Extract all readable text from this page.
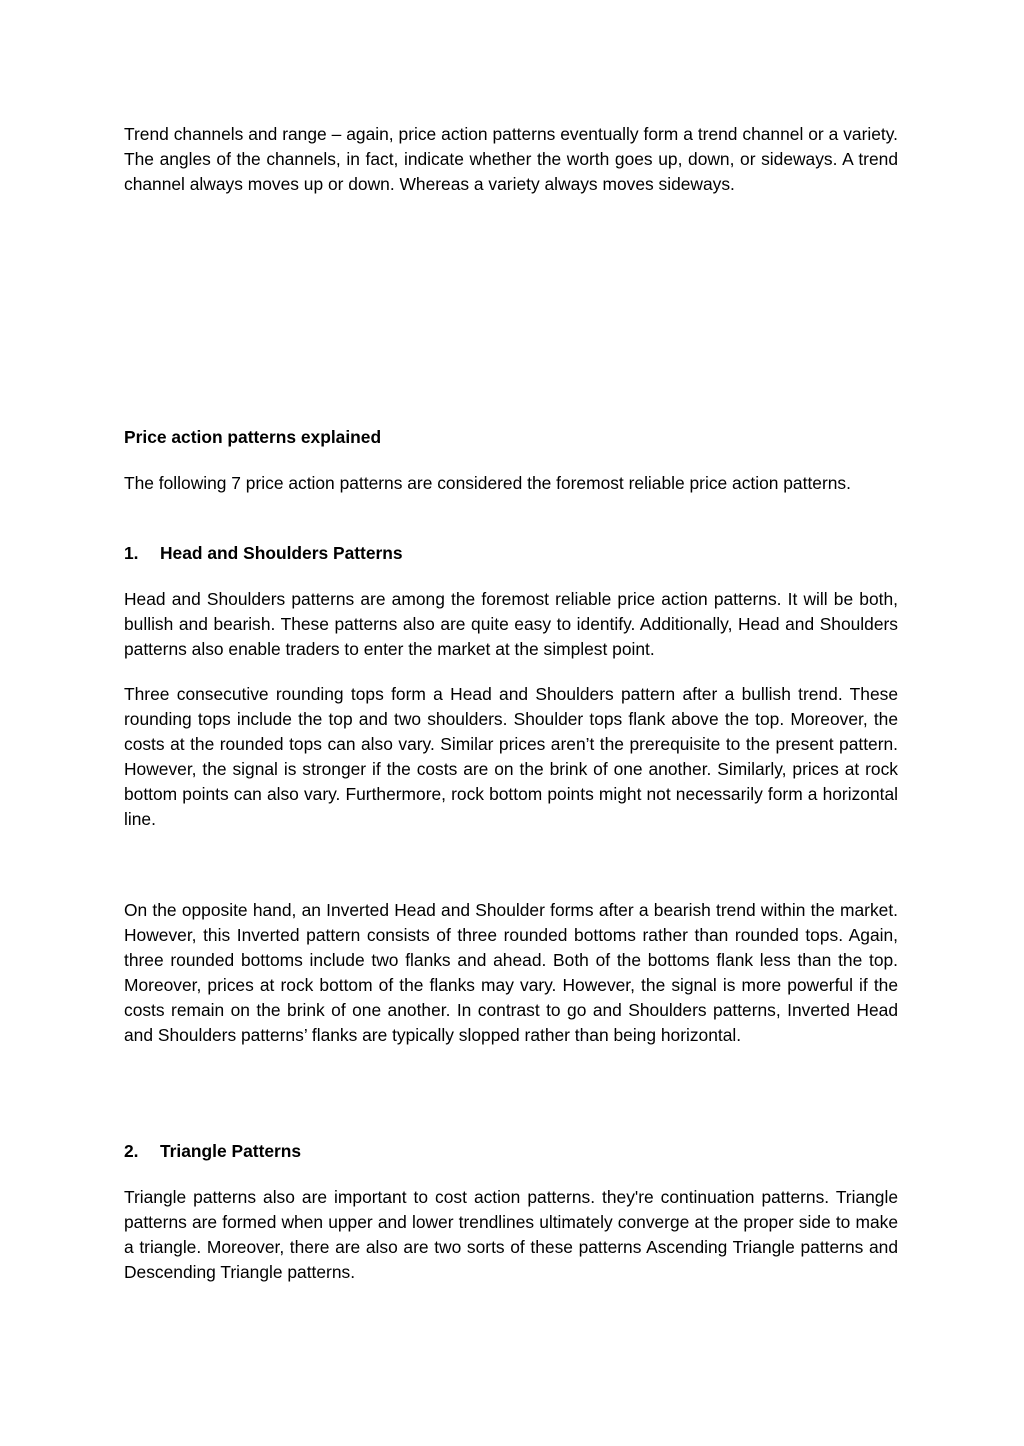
Trend channels and range – again, price action patterns eventually form a trend channel or a variety. The angles of the channels, in fact, indicate whether the worth goes up, down, or sideways. A trend channel always moves up or down. Whereas a variety always moves sideways.

Price action patterns explained

The following 7 price action patterns are considered the foremost reliable price action patterns.

1. Head and Shoulders Patterns

Head and Shoulders patterns are among the foremost reliable price action patterns. It will be both, bullish and bearish. These patterns also are quite easy to identify. Additionally, Head and Shoulders patterns also enable traders to enter the market at the simplest point.

Three consecutive rounding tops form a Head and Shoulders pattern after a bullish trend. These rounding tops include the top and two shoulders. Shoulder tops flank above the top. Moreover, the costs at the rounded tops can also vary. Similar prices aren’t the prerequisite to the present pattern. However, the signal is stronger if the costs are on the brink of one another. Similarly, prices at rock bottom points can also vary. Furthermore, rock bottom points might not necessarily form a horizontal line.

On the opposite hand, an Inverted Head and Shoulder forms after a bearish trend within the market. However, this Inverted pattern consists of three rounded bottoms rather than rounded tops. Again, three rounded bottoms include two flanks and ahead. Both of the bottoms flank less than the top. Moreover, prices at rock bottom of the flanks may vary. However, the signal is more powerful if the costs remain on the brink of one another. In contrast to go and Shoulders patterns, Inverted Head and Shoulders patterns’ flanks are typically slopped rather than being horizontal.

2. Triangle Patterns

Triangle patterns also are important to cost action patterns. they're continuation patterns. Triangle patterns are formed when upper and lower trendlines ultimately converge at the proper side to make a triangle. Moreover, there are also are two sorts of these patterns Ascending Triangle patterns and Descending Triangle patterns.
